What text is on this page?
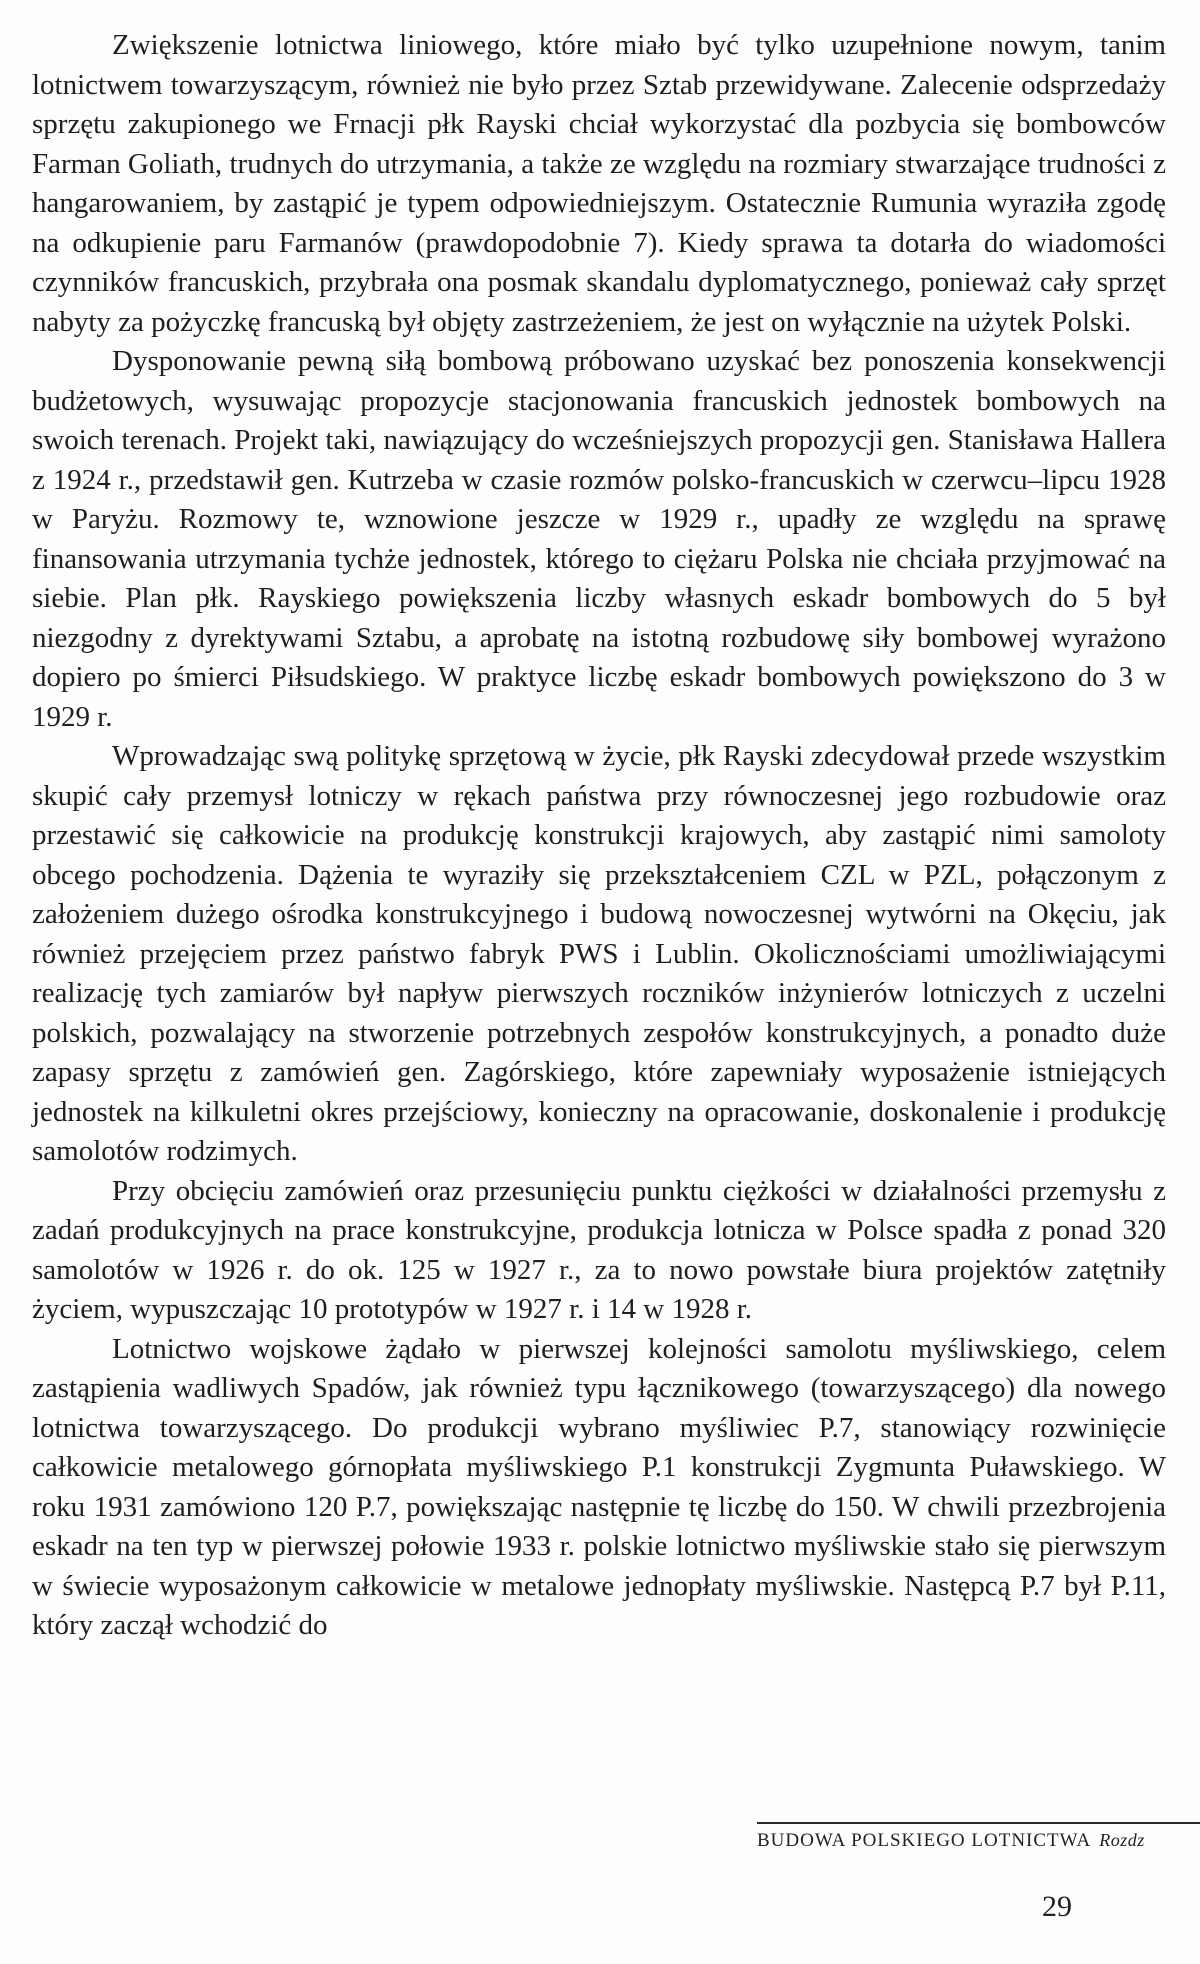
Zwiększenie lotnictwa liniowego, które miało być tylko uzupełnione nowym, tanim lotnictwem towarzyszącym, również nie było przez Sztab przewidywane. Zalecenie odsprzedaży sprzętu zakupionego we Frnacji płk Rayski chciał wykorzystać dla pozbycia się bombowców Farman Goliath, trudnych do utrzymania, a także ze względu na rozmiary stwarzające trudności z hangarowaniem, by zastąpić je typem odpowiedniejszym. Ostatecznie Rumunia wyraziła zgodę na odkupienie paru Farmanów (prawdopodobnie 7). Kiedy sprawa ta dotarła do wiadomości czynników francuskich, przybrała ona posmak skandalu dyplomatycznego, ponieważ cały sprzęt nabyty za pożyczkę francuską był objęty zastrzeżeniem, że jest on wyłącznie na użytek Polski.

Dysponowanie pewną siłą bombową próbowano uzyskać bez ponoszenia konsekwencji budżetowych, wysuwając propozycje stacjonowania francuskich jednostek bombowych na swoich terenach. Projekt taki, nawiązujący do wcześniejszych propozycji gen. Stanisława Hallera z 1924 r., przedstawił gen. Kutrzeba w czasie rozmów polsko-francuskich w czerwcu–lipcu 1928 w Paryżu. Rozmowy te, wznowione jeszcze w 1929 r., upadły ze względu na sprawę finansowania utrzymania tychże jednostek, którego to ciężaru Polska nie chciała przyjmować na siebie. Plan płk. Rayskiego powiększenia liczby własnych eskadr bombowych do 5 był niezgodny z dyrektywami Sztabu, a aprobatę na istotną rozbudowę siły bombowej wyrażono dopiero po śmierci Piłsudskiego. W praktyce liczbę eskadr bombowych powiększono do 3 w 1929 r.

Wprowadzając swą politykę sprzętową w życie, płk Rayski zdecydował przede wszystkim skupić cały przemysł lotniczy w rękach państwa przy równoczesnej jego rozbudowie oraz przestawić się całkowicie na produkcję konstrukcji krajowych, aby zastąpić nimi samoloty obcego pochodzenia. Dążenia te wyraziły się przekształceniem CZL w PZL, połączonym z założeniem dużego ośrodka konstrukcyjnego i budową nowoczesnej wytwórni na Okęciu, jak również przejęciem przez państwo fabryk PWS i Lublin. Okolicznościami umożliwiającymi realizację tych zamiarów był napływ pierwszych roczników inżynierów lotniczych z uczelni polskich, pozwalający na stworzenie potrzebnych zespołów konstrukcyjnych, a ponadto duże zapasy sprzętu z zamówień gen. Zagórskiego, które zapewniały wyposażenie istniejących jednostek na kilkuletni okres przejściowy, konieczny na opracowanie, doskonalenie i produkcję samolotów rodzimych.

Przy obcięciu zamówień oraz przesunięciu punktu ciężkości w działalności przemysłu z zadań produkcyjnych na prace konstrukcyjne, produkcja lotnicza w Polsce spadła z ponad 320 samolotów w 1926 r. do ok. 125 w 1927 r., za to nowo powstałe biura projektów zatętniły życiem, wypuszczając 10 prototypów w 1927 r. i 14 w 1928 r.

Lotnictwo wojskowe żądało w pierwszej kolejności samolotu myśliwskiego, celem zastąpienia wadliwych Spadów, jak również typu łącznikowego (towarzyszącego) dla nowego lotnictwa towarzyszącego. Do produkcji wybrano myśliwiec P.7, stanowiący rozwinięcie całkowicie metalowego górnopłata myśliwskiego P.1 konstrukcji Zygmunta Puławskiego. W roku 1931 zamówiono 120 P.7, powiększając następnie tę liczbę do 150. W chwili przezbrojenia eskadr na ten typ w pierwszej połowie 1933 r. polskie lotnictwo myśliwskie stało się pierwszym w świecie wyposażonym całkowicie w metalowe jednopłaty myśliwskie. Następcą P.7 był P.11, który zaczął wchodzić do

BUDOWA POLSKIEGO LOTNICTWA Rozdz
29
